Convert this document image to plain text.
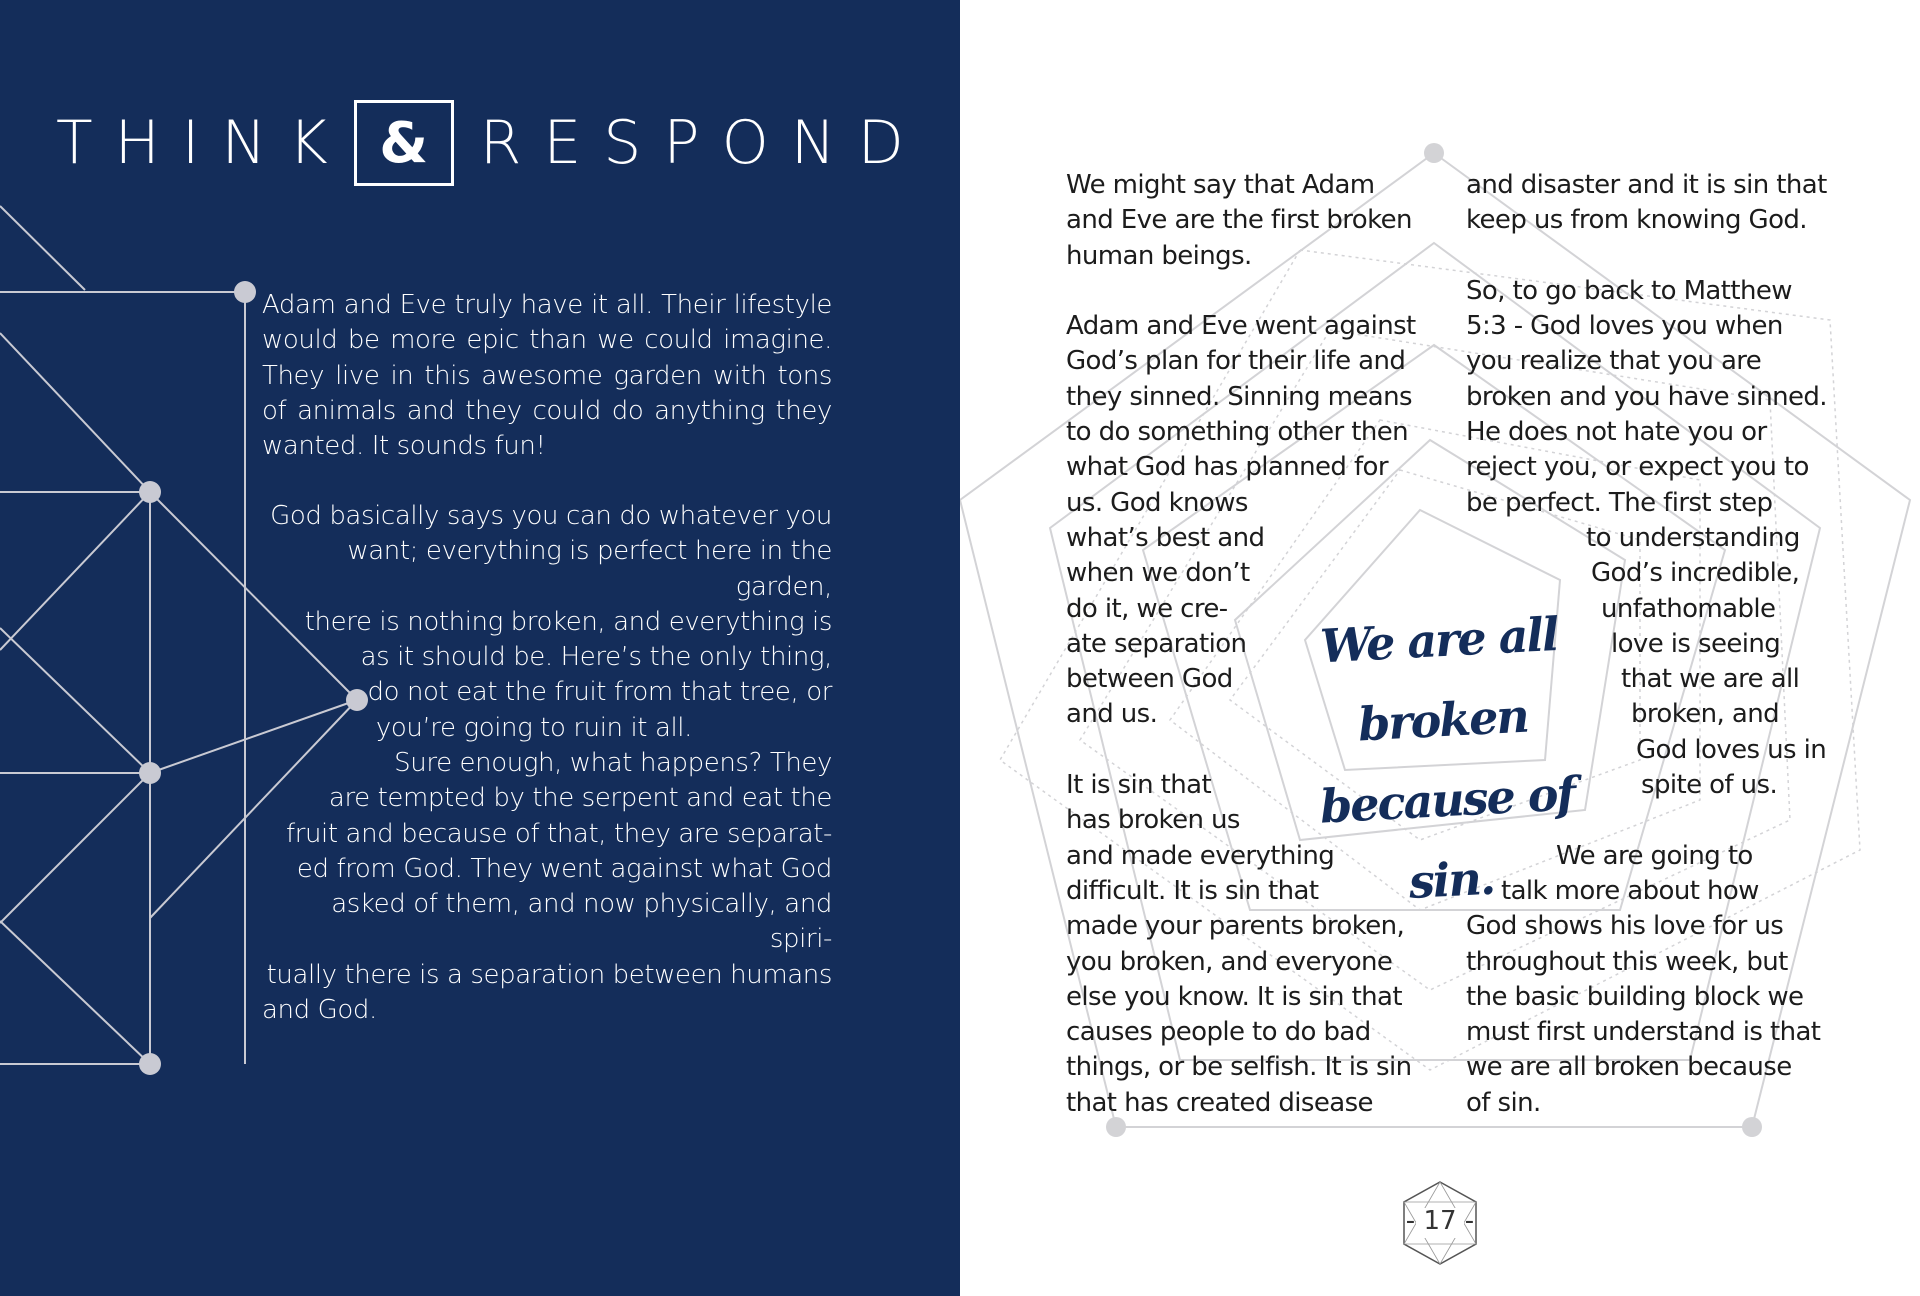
THINK & RESPOND

Adam and Eve truly have it all. Their lifestyle

would be more epic than we could imagine.

They live in this awesome garden with tons

of animals and they could do anything they

wanted. It sounds fun!

God basically says you can do whatever you

want; everything is perfect here in the garden,

there is nothing broken, and everything is

as it should be. Here’s the only thing,

do not eat the fruit from that tree, or

you’re going to ruin it all.

Sure enough, what happens? They

are tempted by the serpent and eat the

fruit and because of that, they are separat-

ed from God. They went against what God

asked of them, and now physically, and spiri-

tually there is a separation between humans

and God.

- 17 -
We might say that Adam
and Eve are the first broken
human beings.
Adam and Eve went against
God’s plan for their life and
they sinned. Sinning means
to do something other then
what God has planned for
us. God knows
what’s best and
when we don’t
do it, we cre-
ate separation
between God
and us.
It is sin that
has broken us
and made everything
difficult. It is sin that
made your parents broken,
you broken, and everyone
else you know. It is sin that
causes people to do bad
things, or be selfish. It is sin
that has created disease
and disaster and it is sin that
keep us from knowing God.
So, to go back to Matthew
5:3 - God loves you when
you realize that you are
broken and you have sinned.
He does not hate you or
reject you, or expect you to
be perfect. The first step
to understanding
God’s incredible,
unfathomable
love is seeing
that we are all
broken, and
God loves us in
spite of us.
We are going to
talk more about how
God shows his love for us
throughout this week, but
the basic building block we
must first understand is that
we are all broken because
of sin.
We are all broken
because of sin.
